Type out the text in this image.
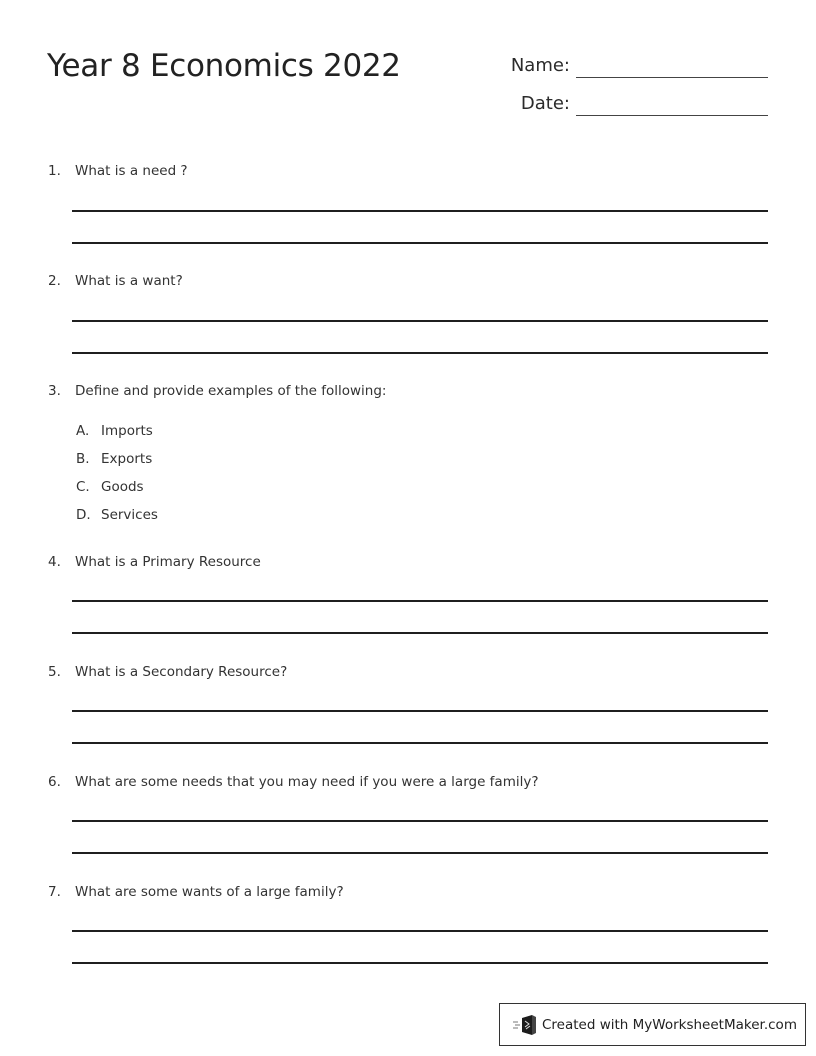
Year 8 Economics 2022	Name:
Date:
1.	What is a need ?
2.	What is a want?
3.	Define and provide examples of the following:
A. Imports
B. Exports
C. Goods
D. Services
4.	What is a Primary Resource
5.	What is a Secondary Resource?
6.	What are some needs that you may need if you were a large family?
7.	What are some wants of a large family?
Created with MyWorksheetMaker.com
